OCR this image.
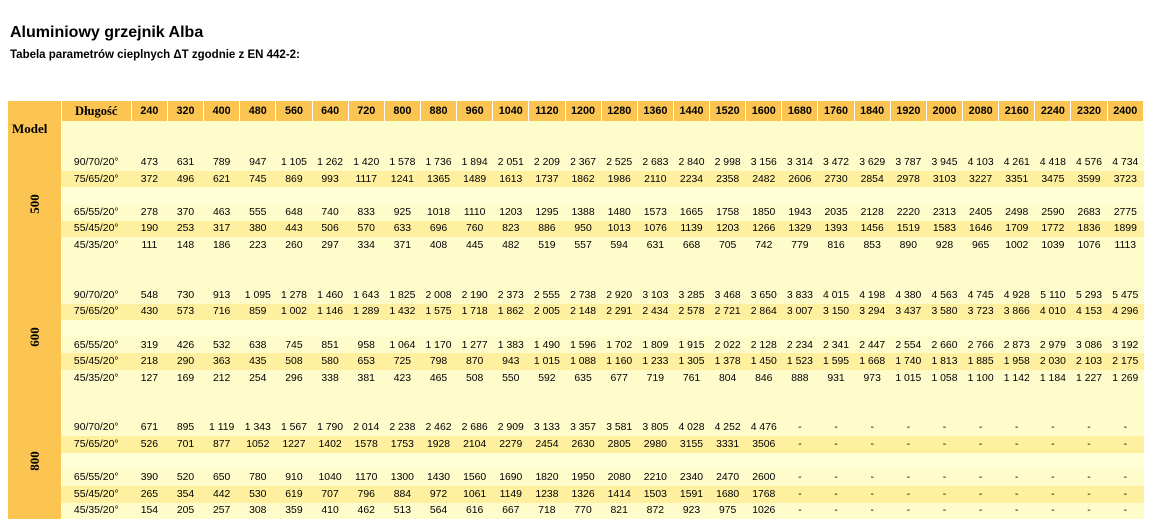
Aluminiowy grzejnik Alba
Tabela parametrów cieplnych ΔT zgodnie z EN 442-2:
	Długość	240	320	400	480	560	640	720	800	880	960	1040	1120	1200	1280	1360	1440	1520	1600	1680	1760	1840	1920	2000	2080	2160	2240	2320	2400
Model																													
500																													
	90/70/20°	473	631	789	947	1 105	1 262	1 420	1 578	1 736	1 894	2 051	2 209	2 367	2 525	2 683	2 840	2 998	3 156	3 314	3 472	3 629	3 787	3 945	4 103	4 261	4 418	4 576	4 734
	75/65/20°	372	496	621	745	869	993	1117	1241	1365	1489	1613	1737	1862	1986	2110	2234	2358	2482	2606	2730	2854	2978	3103	3227	3351	3475	3599	3723

	65/55/20°	278	370	463	555	648	740	833	925	1018	1110	1203	1295	1388	1480	1573	1665	1758	1850	1943	2035	2128	2220	2313	2405	2498	2590	2683	2775
	55/45/20°	190	253	317	380	443	506	570	633	696	760	823	886	950	1013	1076	1139	1203	1266	1329	1393	1456	1519	1583	1646	1709	1772	1836	1899
	45/35/20°	111	148	186	223	260	297	334	371	408	445	482	519	557	594	631	668	705	742	779	816	853	890	928	965	1002	1039	1076	1113

600																													
	90/70/20°	548	730	913	1 095	1 278	1 460	1 643	1 825	2 008	2 190	2 373	2 555	2 738	2 920	3 103	3 285	3 468	3 650	3 833	4 015	4 198	4 380	4 563	4 745	4 928	5 110	5 293	5 475
	75/65/20°	430	573	716	859	1 002	1 146	1 289	1 432	1 575	1 718	1 862	2 005	2 148	2 291	2 434	2 578	2 721	2 864	3 007	3 150	3 294	3 437	3 580	3 723	3 866	4 010	4 153	4 296

	65/55/20°	319	426	532	638	745	851	958	1 064	1 170	1 277	1 383	1 490	1 596	1 702	1 809	1 915	2 022	2 128	2 234	2 341	2 447	2 554	2 660	2 766	2 873	2 979	3 086	3 192
	55/45/20°	218	290	363	435	508	580	653	725	798	870	943	1 015	1 088	1 160	1 233	1 305	1 378	1 450	1 523	1 595	1 668	1 740	1 813	1 885	1 958	2 030	2 103	2 175
	45/35/20°	127	169	212	254	296	338	381	423	465	508	550	592	635	677	719	761	804	846	888	931	973	1 015	1 058	1 100	1 142	1 184	1 227	1 269

800																													
	90/70/20°	671	895	1 119	1 343	1 567	1 790	2 014	2 238	2 462	2 686	2 909	3 133	3 357	3 581	3 805	4 028	4 252	4 476	-	-	-	-	-	-	-	-	-	-
	75/65/20°	526	701	877	1052	1227	1402	1578	1753	1928	2104	2279	2454	2630	2805	2980	3155	3331	3506	-	-	-	-	-	-	-	-	-	-

	65/55/20°	390	520	650	780	910	1040	1170	1300	1430	1560	1690	1820	1950	2080	2210	2340	2470	2600	-	-	-	-	-	-	-	-	-	-
	55/45/20°	265	354	442	530	619	707	796	884	972	1061	1149	1238	1326	1414	1503	1591	1680	1768	-	-	-	-	-	-	-	-	-	-
	45/35/20°	154	205	257	308	359	410	462	513	564	616	667	718	770	821	872	923	975	1026	-	-	-	-	-	-	-	-	-	-
